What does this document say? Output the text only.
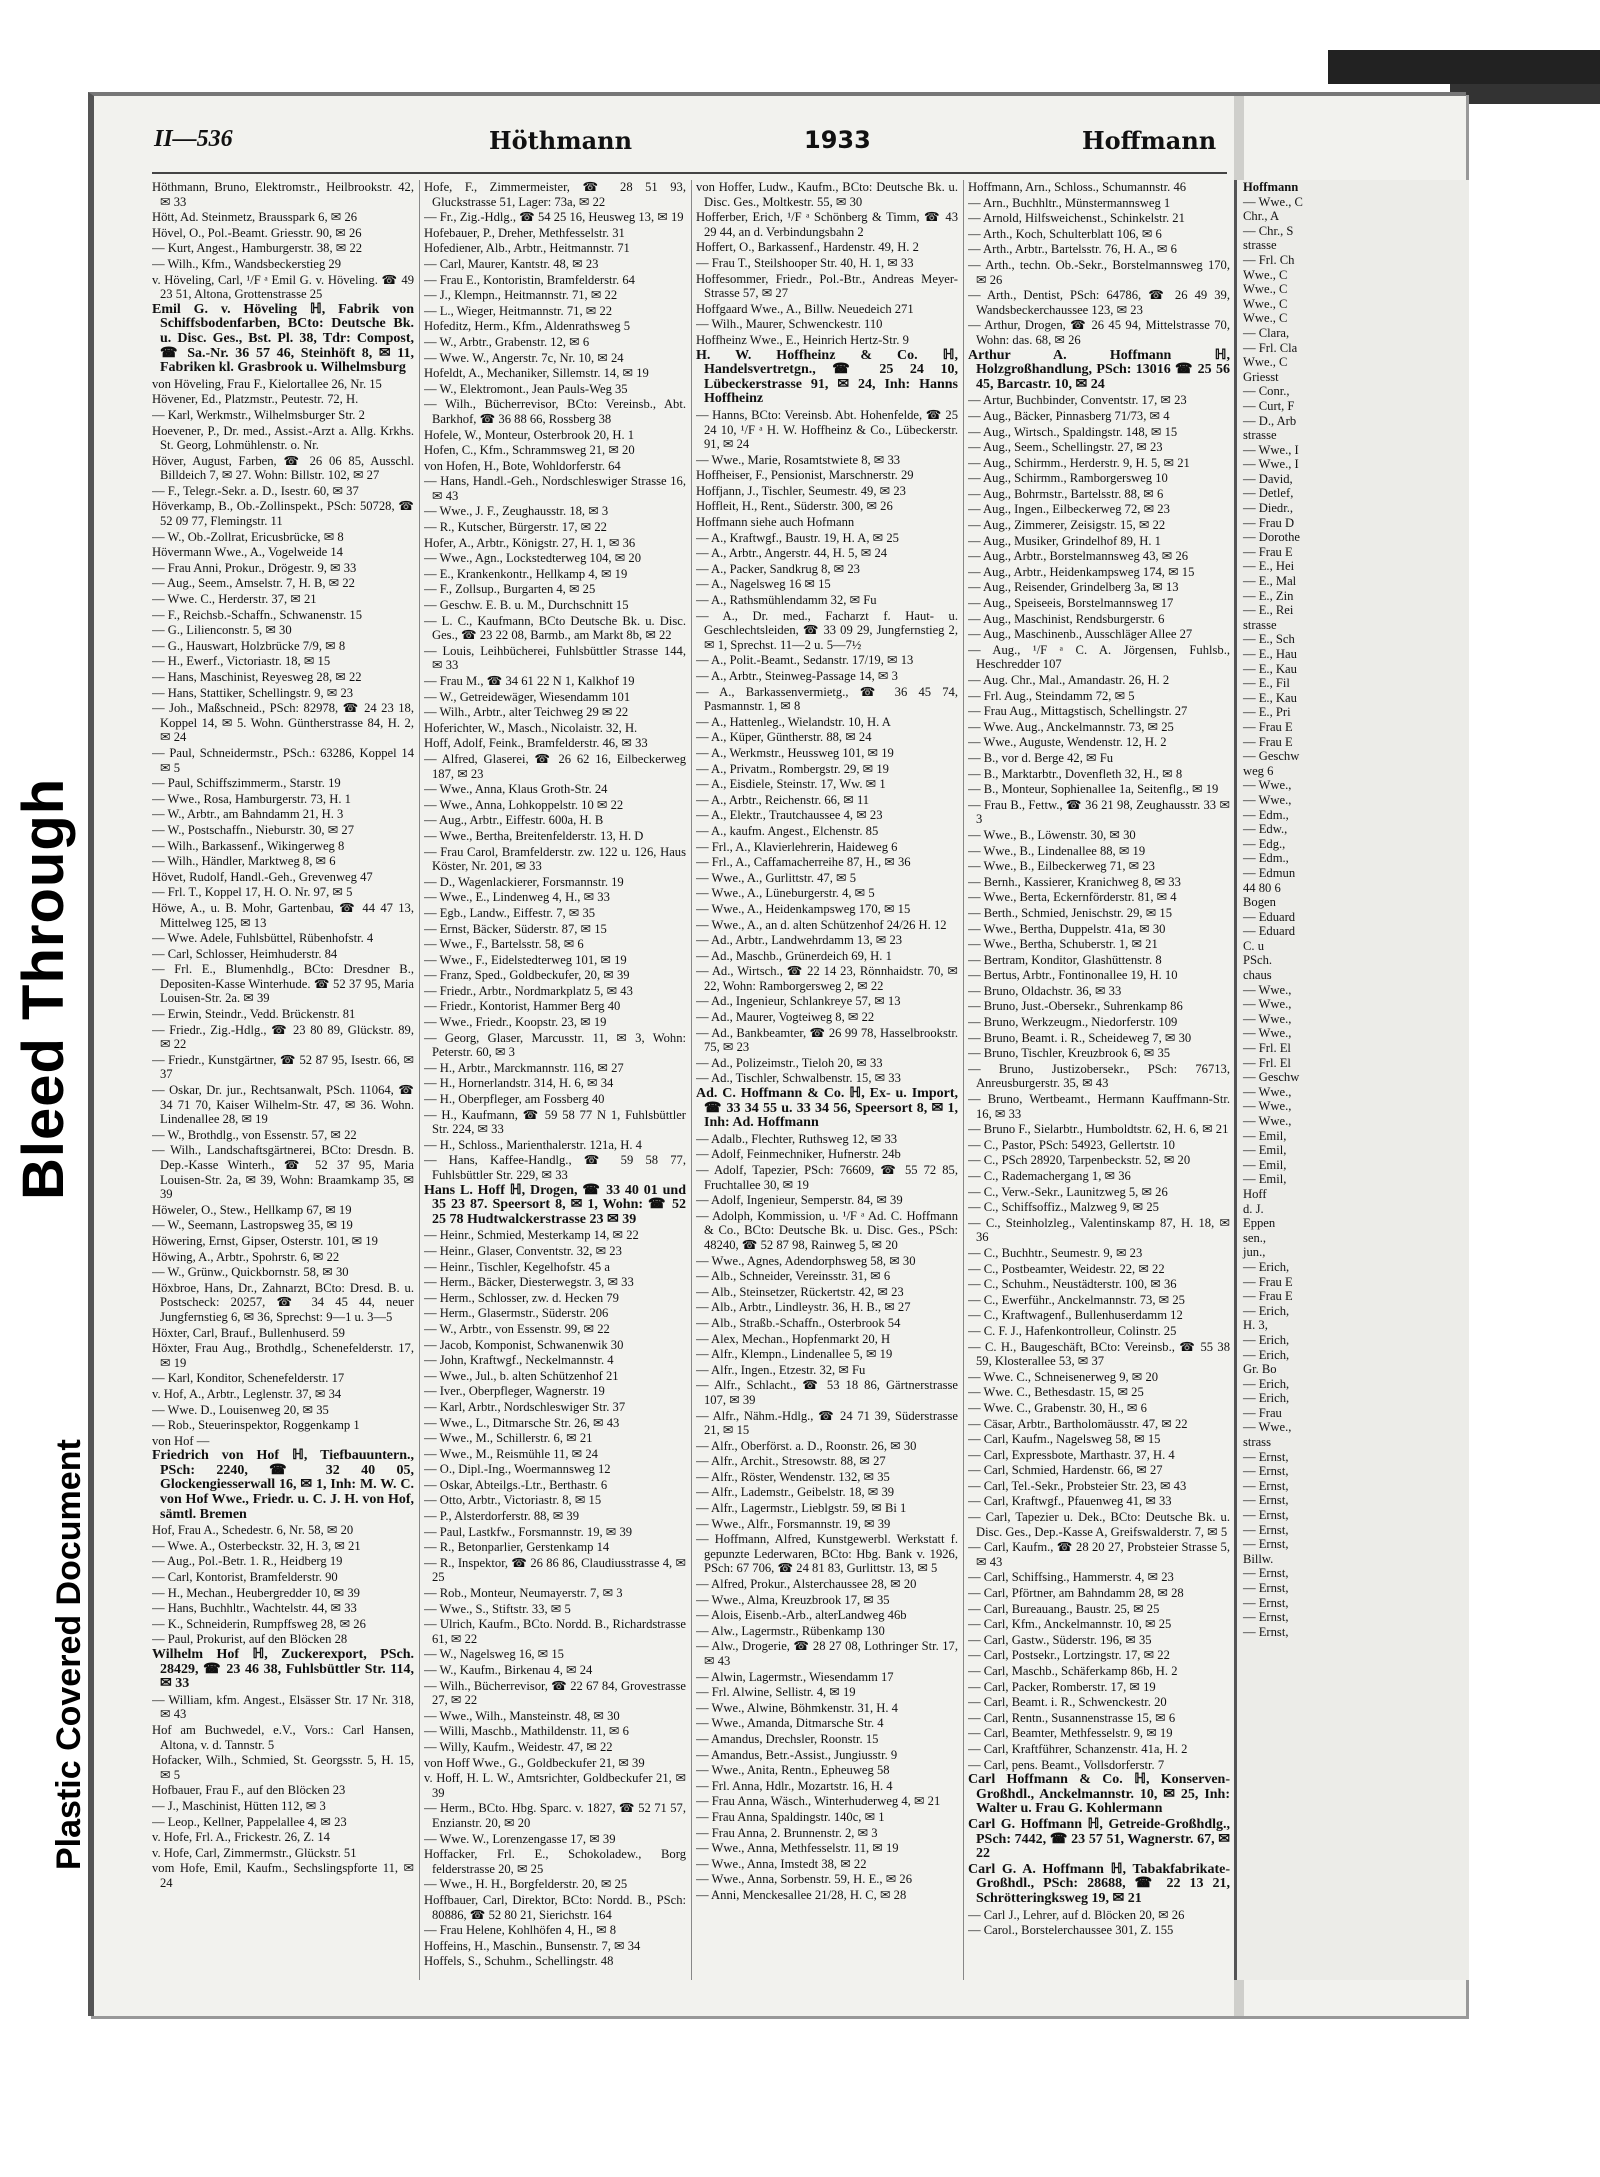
Bleed Through
Plastic Covered Document
II—536	Höthmann	1933	Hoffmann

Höthmann, Bruno, Elektromstr., Heilbrookstr. 42, ✉ 33

Hött, Ad. Steinmetz, Brausspark 6, ✉ 26

Hövel, O., Pol.-Beamt. Griesstr. 90, ✉ 26

— Kurt, Angest., Hamburgerstr. 38, ✉ 22

— Wilh., Kfm., Wandsbeckerstieg 29

v. Höveling, Carl, ¹/F ᵃ Emil G. v. Höveling. ☎ 49 23 51, Altona, Grottenstrasse 25

Emil G. v. Höveling ℍ, Fabrik von Schiffsbodenfarben, BCto: Deutsche Bk. u. Disc. Ges., Bst. Pl. 38, Tdr: Compost, ☎ Sa.-Nr. 36 57 46, Steinhöft 8, ✉ 11, Fabriken kl. Grasbrook u. Wilhelmsburg

von Höveling, Frau F., Kielortallee 26, Nr. 15

Hövener, Ed., Platzmstr., Peutestr. 72, H.

— Karl, Werkmstr., Wilhelmsburger Str. 2

Hoevener, P., Dr. med., Assist.-Arzt a. Allg. Krkhs. St. Georg, Lohmühlenstr. o. Nr.

Höver, August, Farben, ☎ 26 06 85, Ausschl. Billdeich 7, ✉ 27. Wohn: Billstr. 102, ✉ 27

— F., Telegr.-Sekr. a. D., Isestr. 60, ✉ 37

Höverkamp, B., Ob.-Zollinspekt., PSch: 50728, ☎ 52 09 77, Flemingstr. 11

— W., Ob.-Zollrat, Ericusbrücke, ✉ 8

Hövermann Wwe., A., Vogelweide 14

— Frau Anni, Prokur., Drögestr. 9, ✉ 33

— Aug., Seem., Amselstr. 7, H. B, ✉ 22

— Wwe. C., Herderstr. 37, ✉ 21

— F., Reichsb.-Schaffn., Schwanenstr. 15

— G., Lilienconstr. 5, ✉ 30

— G., Hauswart, Holzbrücke 7/9, ✉ 8

— H., Ewerf., Victoriastr. 18, ✉ 15

— Hans, Maschinist, Reyesweg 28, ✉ 22

— Hans, Stattiker, Schellingstr. 9, ✉ 23

— Joh., Maßschneid., PSch: 82978, ☎ 24 23 18, Koppel 14, ✉ 5. Wohn. Güntherstrasse 84, H. 2, ✉ 24

— Paul, Schneidermstr., PSch.: 63286, Koppel 14 ✉ 5

— Paul, Schiffszimmerm., Starstr. 19

— Wwe., Rosa, Hamburgerstr. 73, H. 1

— W., Arbtr., am Bahndamm 21, H. 3

— W., Postschaffn., Nieburstr. 30, ✉ 27

— Wilh., Barkassenf., Wikingerweg 8

— Wilh., Händler, Marktweg 8, ✉ 6

Hövet, Rudolf, Handl.-Geh., Grevenweg 47

— Frl. T., Koppel 17, H. O. Nr. 97, ✉ 5

Höwe, A., u. B. Mohr, Gartenbau, ☎ 44 47 13, Mittelweg 125, ✉ 13

— Wwe. Adele, Fuhlsbüttel, Rübenhofstr. 4

— Carl, Schlosser, Heimhuderstr. 84

— Frl. E., Blumenhdlg., BCto: Dresdner B., Depositen-Kasse Winterhude. ☎ 52 37 95, Maria Louisen-Str. 2a. ✉ 39

— Erwin, Steindr., Vedd. Brückenstr. 81

— Friedr., Zig.-Hdlg., ☎ 23 80 89, Glückstr. 89, ✉ 22

— Friedr., Kunstgärtner, ☎ 52 87 95, Isestr. 66, ✉ 37

— Oskar, Dr. jur., Rechtsanwalt, PSch. 11064, ☎ 34 71 70, Kaiser Wilhelm-Str. 47, ✉ 36. Wohn. Lindenallee 28, ✉ 19

— W., Brothdlg., von Essenstr. 57, ✉ 22

— Wilh., Landschaftsgärtnerei, BCto: Dresdn. B. Dep.-Kasse Winterh., ☎ 52 37 95, Maria Louisen-Str. 2a, ✉ 39, Wohn: Braamkamp 35, ✉ 39

Höweler, O., Stew., Hellkamp 67, ✉ 19

— W., Seemann, Lastropsweg 35, ✉ 19

Höwering, Ernst, Gipser, Osterstr. 101, ✉ 19

Höwing, A., Arbtr., Spohrstr. 6, ✉ 22

— W., Grünw., Quickbornstr. 58, ✉ 30

Höxbroe, Hans, Dr., Zahnarzt, BCto: Dresd. B. u. Postscheck: 20257, ☎ 34 45 44, neuer Jungfernstieg 6, ✉ 36, Sprechst: 9—1 u. 3—5

Höxter, Carl, Brauf., Bullenhuserd. 59

Höxter, Frau Aug., Brothdlg., Schenefelderstr. 17, ✉ 19

— Karl, Konditor, Schenefelderstr. 17

v. Hof, A., Arbtr., Leglenstr. 37, ✉ 34

— Wwe. D., Louisenweg 20, ✉ 35

— Rob., Steuerinspektor, Roggenkamp 1

von Hof —

Friedrich von Hof ℍ, Tiefbauuntern., PSch: 2240, ☎ 32 40 05, Glockengiesserwall 16, ✉ 1, Inh: M. W. C. von Hof Wwe., Friedr. u. C. J. H. von Hof, sämtl. Bremen

Hof, Frau A., Schedestr. 6, Nr. 58, ✉ 20

— Wwe. A., Osterbeckstr. 32, H. 3, ✉ 21

— Aug., Pol.-Betr. 1. R., Heidberg 19

— Carl, Kontorist, Bramfelderstr. 90

— H., Mechan., Heubergredder 10, ✉ 39

— Hans, Buchhltr., Wachtelstr. 44, ✉ 33

— K., Schneiderin, Rumpffsweg 28, ✉ 26

— Paul, Prokurist, auf den Blöcken 28

Wilhelm Hof ℍ, Zuckerexport, PSch. 28429, ☎ 23 46 38, Fuhlsbüttler Str. 114, ✉ 33

— William, kfm. Angest., Elsässer Str. 17 Nr. 318, ✉ 43

Hof am Buchwedel, e.V., Vors.: Carl Hansen, Altona, v. d. Tannstr. 5

Hofacker, Wilh., Schmied, St. Georgsstr. 5, H. 15, ✉ 5

Hofbauer, Frau F., auf den Blöcken 23

— J., Maschinist, Hütten 112, ✉ 3

— Leop., Kellner, Pappelallee 4, ✉ 23

v. Hofe, Frl. A., Frickestr. 26, Z. 14

v. Hofe, Carl, Zimmermstr., Glückstr. 51

vom Hofe, Emil, Kaufm., Sechslingspforte 11, ✉ 24

Hofe, F., Zimmermeister, ☎ 28 51 93, Gluckstrasse 51, Lager: 73a, ✉ 22

— Fr., Zig.-Hdlg., ☎ 54 25 16, Heusweg 13, ✉ 19

Hofebauer, P., Dreher, Methfesselstr. 31

Hofediener, Alb., Arbtr., Heitmannstr. 71

— Carl, Maurer, Kantstr. 48, ✉ 23

— Frau E., Kontoristin, Bramfelderstr. 64

— J., Klempn., Heitmannstr. 71, ✉ 22

— L., Wieger, Heitmannstr. 71, ✉ 22

Hofeditz, Herm., Kfm., Aldenrathsweg 5

— W., Arbtr., Grabenstr. 12, ✉ 6

— Wwe. W., Angerstr. 7c, Nr. 10, ✉ 24

Hofeldt, A., Mechaniker, Sillemstr. 14, ✉ 19

— W., Elektromont., Jean Pauls-Weg 35

— Wilh., Bücherrevisor, BCto: Vereinsb., Abt. Barkhof, ☎ 36 88 66, Rossberg 38

Hofele, W., Monteur, Osterbrook 20, H. 1

Hofen, C., Kfm., Schrammsweg 21, ✉ 20

von Hofen, H., Bote, Wohldorferstr. 64

— Hans, Handl.-Geh., Nordschleswiger Strasse 16, ✉ 43

— Wwe., J. F., Zeughausstr. 18, ✉ 3

— R., Kutscher, Bürgerstr. 17, ✉ 22

Hofer, A., Arbtr., Königstr. 27, H. 1, ✉ 36

— Wwe., Agn., Lockstedterweg 104, ✉ 20

— E., Krankenkontr., Hellkamp 4, ✉ 19

— F., Zollsup., Burgarten 4, ✉ 25

— Geschw. E. B. u. M., Durchschnitt 15

— L. C., Kaufmann, BCto Deutsche Bk. u. Disc. Ges., ☎ 23 22 08, Barmb., am Markt 8b, ✉ 22

— Louis, Leihbücherei, Fuhlsbüttler Strasse 144, ✉ 33

— Frau M., ☎ 34 61 22 N 1, Kalkhof 19

— W., Getreidewäger, Wiesendamm 101

— Wilh., Arbtr., alter Teichweg 29 ✉ 22

Hoferichter, W., Masch., Nicolaistr. 32, H.

Hoff, Adolf, Feink., Bramfelderstr. 46, ✉ 33

— Alfred, Glaserei, ☎ 26 62 16, Eilbeckerweg 187, ✉ 23

— Wwe., Anna, Klaus Groth-Str. 24

— Wwe., Anna, Lohkoppelstr. 10 ✉ 22

— Aug., Arbtr., Eiffestr. 600a, H. B

— Wwe., Bertha, Breitenfelderstr. 13, H. D

— Frau Carol, Bramfelderstr. zw. 122 u. 126, Haus Köster, Nr. 201, ✉ 33

— D., Wagenlackierer, Forsmannstr. 19

— Wwe., E., Lindenweg 4, H., ✉ 33

— Egb., Landw., Eiffestr. 7, ✉ 35

— Ernst, Bäcker, Süderstr. 87, ✉ 15

— Wwe., F., Bartelsstr. 58, ✉ 6

— Wwe., F., Eidelstedterweg 101, ✉ 19

— Franz, Sped., Goldbeckufer, 20, ✉ 39

— Friedr., Arbtr., Nordmarkplatz 5, ✉ 43

— Friedr., Kontorist, Hammer Berg 40

— Wwe., Friedr., Koopstr. 23, ✉ 19

— Georg, Glaser, Marcusstr. 11, ✉ 3, Wohn: Peterstr. 60, ✉ 3

— H., Arbtr., Marckmannstr. 116, ✉ 27

— H., Hornerlandstr. 314, H. 6, ✉ 34

— H., Oberpfleger, am Fossberg 40

— H., Kaufmann, ☎ 59 58 77 N 1, Fuhlsbüttler Str. 224, ✉ 33

— H., Schloss., Marienthalerstr. 121a, H. 4

— Hans, Kaffee-Handlg., ☎ 59 58 77, Fuhlsbüttler Str. 229, ✉ 33

Hans L. Hoff ℍ, Drogen, ☎ 33 40 01 und 35 23 87. Speersort 8, ✉ 1, Wohn: ☎ 52 25 78 Hudtwalckerstrasse 23 ✉ 39

— Heinr., Schmied, Mesterkamp 14, ✉ 22

— Heinr., Glaser, Conventstr. 32, ✉ 23

— Heinr., Tischler, Kegelhofstr. 45 a

— Herm., Bäcker, Diesterwegstr. 3, ✉ 33

— Herm., Schlosser, zw. d. Hecken 79

— Herm., Glasermstr., Süderstr. 206

— W., Arbtr., von Essenstr. 99, ✉ 22

— Jacob, Komponist, Schwanenwik 30

— John, Kraftwgf., Neckelmannstr. 4

— Wwe., Jul., b. alten Schützenhof 21

— Iver., Oberpfleger, Wagnerstr. 19

— Karl, Arbtr., Nordschleswiger Str. 37

— Wwe., L., Ditmarsche Str. 26, ✉ 43

— Wwe., M., Schillerstr. 6, ✉ 21

— Wwe., M., Reismühle 11, ✉ 24

— O., Dipl.-Ing., Woermannsweg 12

— Oskar, Abteilgs.-Ltr., Berthastr. 6

— Otto, Arbtr., Victoriastr. 8, ✉ 15

— P., Alsterdorferstr. 88, ✉ 39

— Paul, Lastkfw., Forsmannstr. 19, ✉ 39

— R., Betonparlier, Gerstenkamp 14

— R., Inspektor, ☎ 26 86 86, Claudiusstrasse 4, ✉ 25

— Rob., Monteur, Neumayerstr. 7, ✉ 3

— Wwe., S., Stiftstr. 33, ✉ 5

— Ulrich, Kaufm., BCto. Nordd. B., Richardstrasse 61, ✉ 22

— W., Nagelsweg 16, ✉ 15

— W., Kaufm., Birkenau 4, ✉ 24

— Wilh., Bücherrevisor, ☎ 22 67 84, Grovestrasse 27, ✉ 22

— Wwe., Wilh., Mansteinstr. 48, ✉ 30

— Willi, Maschb., Mathildenstr. 11, ✉ 6

— Willy, Kaufm., Weidestr. 47, ✉ 22

von Hoff Wwe., G., Goldbeckufer 21, ✉ 39

v. Hoff, H. L. W., Amtsrichter, Goldbeckufer 21, ✉ 39

— Herm., BCto. Hbg. Sparc. v. 1827, ☎ 52 71 57, Enzianstr. 20, ✉ 20

— Wwe. W., Lorenzengasse 17, ✉ 39

Hoffacker, Frl. E., Schokoladew., Borg felderstrasse 20, ✉ 25

— Wwe., H. H., Borgfelderstr. 20, ✉ 25

Hoffbauer, Carl, Direktor, BCto: Nordd. B., PSch: 80886, ☎ 52 80 21, Sierichstr. 164

— Frau Helene, Kohlhöfen 4, H., ✉ 8

Hoffeins, H., Maschin., Bunsenstr. 7, ✉ 34

Hoffels, S., Schuhm., Schellingstr. 48

von Hoffer, Ludw., Kaufm., BCto: Deutsche Bk. u. Disc. Ges., Moltkestr. 55, ✉ 30

Hofferber, Erich, ¹/F ᵃ Schönberg & Timm, ☎ 43 29 44, an d. Verbindungsbahn 2

Hoffert, O., Barkassenf., Hardenstr. 49, H. 2

— Frau T., Steilshooper Str. 40, H. 1, ✉ 33

Hoffesommer, Friedr., Pol.-Btr., Andreas Meyer-Strasse 57, ✉ 27

Hoffgaard Wwe., A., Billw. Neuedeich 271

— Wilh., Maurer, Schwenckestr. 110

Hoffheinz Wwe., E., Heinrich Hertz-Str. 9

H. W. Hoffheinz & Co. ℍ, Handelsvertretgn., ☎ 25 24 10, Lübeckerstrasse 91, ✉ 24, Inh: Hanns Hoffheinz

— Hanns, BCto: Vereinsb. Abt. Hohenfelde, ☎ 25 24 10, ¹/F ᵃ H. W. Hoffheinz & Co., Lübeckerstr. 91, ✉ 24

— Wwe., Marie, Rosamtstwiete 8, ✉ 33

Hoffheiser, F., Pensionist, Marschnerstr. 29

Hoffjann, J., Tischler, Seumestr. 49, ✉ 23

Hoffleit, H., Rent., Süderstr. 300, ✉ 26

Hoffmann siehe auch Hofmann

— A., Kraftwgf., Baustr. 19, H. A, ✉ 25

— A., Arbtr., Angerstr. 44, H. 5, ✉ 24

— A., Packer, Sandkrug 8, ✉ 23

— A., Nagelsweg 16 ✉ 15

— A., Rathsmühlendamm 32, ✉ Fu

— A., Dr. med., Facharzt f. Haut- u. Geschlechtsleiden, ☎ 33 09 29, Jungfernstieg 2, ✉ 1, Sprechst. 11—2 u. 5—7½

— A., Polit.-Beamt., Sedanstr. 17/19, ✉ 13

— A., Arbtr., Steinweg-Passage 14, ✉ 3

— A., Barkassenvermietg., ☎ 36 45 74, Pasmannstr. 1, ✉ 8

— A., Hattenleg., Wielandstr. 10, H. A

— A., Küper, Güntherstr. 88, ✉ 24

— A., Werkmstr., Heussweg 101, ✉ 19

— A., Privatm., Rombergstr. 29, ✉ 19

— A., Eisdiele, Steinstr. 17, Ww. ✉ 1

— A., Arbtr., Reichenstr. 66, ✉ 11

— A., Elektr., Trautchaussee 4, ✉ 23

— A., kaufm. Angest., Elchenstr. 85

— Frl., A., Klavierlehrerin, Haideweg 6

— Frl., A., Caffamacherreihe 87, H., ✉ 36

— Wwe., A., Gurlittstr. 47, ✉ 5

— Wwe., A., Lüneburgerstr. 4, ✉ 5

— Wwe., A., Heidenkampsweg 170, ✉ 15

— Wwe., A., an d. alten Schützenhof 24/26 H. 12

— Ad., Arbtr., Landwehrdamm 13, ✉ 23

— Ad., Maschb., Grünerdeich 69, H. 1

— Ad., Wirtsch., ☎ 22 14 23, Rönnhaidstr. 70, ✉ 22, Wohn: Ramborgersweg 2, ✉ 22

— Ad., Ingenieur, Schlankreye 57, ✉ 13

— Ad., Maurer, Vogteiweg 8, ✉ 22

— Ad., Bankbeamter, ☎ 26 99 78, Hasselbrookstr. 75, ✉ 23

— Ad., Polizeimstr., Tieloh 20, ✉ 33

— Ad., Tischler, Schwalbenstr. 15, ✉ 33

Ad. C. Hoffmann & Co. ℍ, Ex- u. Import, ☎ 33 34 55 u. 33 34 56, Speersort 8, ✉ 1, Inh: Ad. Hoffmann

— Adalb., Flechter, Ruthsweg 12, ✉ 33

— Adolf, Feinmechniker, Hufnerstr. 24b

— Adolf, Tapezier, PSch: 76609, ☎ 55 72 85, Fruchtallee 30, ✉ 19

— Adolf, Ingenieur, Semperstr. 84, ✉ 39

— Adolph, Kommission, u. ¹/F ᵃ Ad. C. Hoffmann & Co., BCto: Deutsche Bk. u. Disc. Ges., PSch: 48240, ☎ 52 87 98, Rainweg 5, ✉ 20

— Wwe., Agnes, Adendorphsweg 58, ✉ 30

— Alb., Schneider, Vereinsstr. 31, ✉ 6

— Alb., Steinsetzer, Rückertstr. 42, ✉ 23

— Alb., Arbtr., Lindleystr. 36, H. B., ✉ 27

— Alb., Straßb.-Schaffn., Osterbrook 54

— Alex, Mechan., Hopfenmarkt 20, H

— Alfr., Klempn., Lindenallee 5, ✉ 19

— Alfr., Ingen., Etzestr. 32, ✉ Fu

— Alfr., Schlacht., ☎ 53 18 86, Gärtnerstrasse 107, ✉ 39

— Alfr., Nähm.-Hdlg., ☎ 24 71 39, Süderstrasse 21, ✉ 15

— Alfr., Oberförst. a. D., Roonstr. 26, ✉ 30

— Alfr., Archit., Stresowstr. 88, ✉ 27

— Alfr., Röster, Wendenstr. 132, ✉ 35

— Alfr., Lademstr., Geibelstr. 18, ✉ 39

— Alfr., Lagermstr., Lieblgstr. 59, ✉ Bi 1

— Wwe., Alfr., Forsmannstr. 19, ✉ 39

— Hoffmann, Alfred, Kunstgewerbl. Werkstatt f. gepunzte Lederwaren, BCto: Hbg. Bank v. 1926, PSch: 67 706, ☎ 24 81 83, Gurlittstr. 13, ✉ 5

— Alfred, Prokur., Alsterchaussee 28, ✉ 20

— Wwe., Alma, Kreuzbrook 17, ✉ 35

— Alois, Eisenb.-Arb., alterLandweg 46b

— Alw., Lagermstr., Rübenkamp 130

— Alw., Drogerie, ☎ 28 27 08, Lothringer Str. 17, ✉ 43

— Alwin, Lagermstr., Wiesendamm 17

— Frl. Alwine, Sellistr. 4, ✉ 19

— Wwe., Alwine, Böhmkenstr. 31, H. 4

— Wwe., Amanda, Ditmarsche Str. 4

— Amandus, Drechsler, Roonstr. 15

— Amandus, Betr.-Assist., Jungiusstr. 9

— Wwe., Anita, Rentn., Epheuweg 58

— Frl. Anna, Hdlr., Mozartstr. 16, H. 4

— Frau Anna, Wäsch., Winterhuderweg 4, ✉ 21

— Frau Anna, Spaldingstr. 140c, ✉ 1

— Frau Anna, 2. Brunnenstr. 2, ✉ 3

— Wwe., Anna, Methfesselstr. 11, ✉ 19

— Wwe., Anna, Imstedt 38, ✉ 22

— Wwe., Anna, Sorbenstr. 59, H. E., ✉ 26

— Anni, Menckesallee 21/28, H. C, ✉ 28

Hoffmann, Arn., Schloss., Schumannstr. 46

— Arn., Buchhltr., Münstermannsweg 1

— Arnold, Hilfsweichenst., Schinkelstr. 21

— Arth., Koch, Schulterblatt 106, ✉ 6

— Arth., Arbtr., Bartelsstr. 76, H. A., ✉ 6

— Arth., techn. Ob.-Sekr., Borstelmannsweg 170, ✉ 26

— Arth., Dentist, PSch: 64786, ☎ 26 49 39, Wandsbeckerchaussee 123, ✉ 23

— Arthur, Drogen, ☎ 26 45 94, Mittelstrasse 70, Wohn: das. 68, ✉ 26

Arthur A. Hoffmann ℍ, Holzgroßhandlung, PSch: 13016 ☎ 25 56 45, Barcastr. 10, ✉ 24

— Artur, Buchbinder, Conventstr. 17, ✉ 23

— Aug., Bäcker, Pinnasberg 71/73, ✉ 4

— Aug., Wirtsch., Spaldingstr. 148, ✉ 15

— Aug., Seem., Schellingstr. 27, ✉ 23

— Aug., Schirmm., Herderstr. 9, H. 5, ✉ 21

— Aug., Schirmm., Ramborgersweg 10

— Aug., Bohrmstr., Bartelsstr. 88, ✉ 6

— Aug., Ingen., Eilbeckerweg 72, ✉ 23

— Aug., Zimmerer, Zeisigstr. 15, ✉ 22

— Aug., Musiker, Grindelhof 89, H. 1

— Aug., Arbtr., Borstelmannsweg 43, ✉ 26

— Aug., Arbtr., Heidenkampsweg 174, ✉ 15

— Aug., Reisender, Grindelberg 3a, ✉ 13

— Aug., Speiseeis, Borstelmannsweg 17

— Aug., Maschinist, Rendsburgerstr. 6

— Aug., Maschinenb., Ausschläger Allee 27

— Aug., ¹/F ᵃ C. A. Jörgensen, Fuhlsb., Heschredder 107

— Aug. Chr., Mal., Amandastr. 26, H. 2

— Frl. Aug., Steindamm 72, ✉ 5

— Frau Aug., Mittagstisch, Schellingstr. 27

— Wwe. Aug., Anckelmannstr. 73, ✉ 25

— Wwe., Auguste, Wendenstr. 12, H. 2

— B., vor d. Berge 42, ✉ Fu

— B., Marktarbtr., Dovenfleth 32, H., ✉ 8

— B., Monteur, Sophienallee 1a, Seitenflg., ✉ 19

— Frau B., Fettw., ☎ 36 21 98, Zeughausstr. 33 ✉ 3

— Wwe., B., Löwenstr. 30, ✉ 30

— Wwe., B., Lindenallee 88, ✉ 19

— Wwe., B., Eilbeckerweg 71, ✉ 23

— Bernh., Kassierer, Kranichweg 8, ✉ 33

— Wwe., Berta, Eckernförderstr. 81, ✉ 4

— Berth., Schmied, Jenischstr. 29, ✉ 15

— Wwe., Bertha, Duppelstr. 41a, ✉ 30

— Wwe., Bertha, Schuberstr. 1, ✉ 21

— Bertram, Konditor, Glashüttenstr. 8

— Bertus, Arbtr., Fontinonallee 19, H. 10

— Bruno, Oldachstr. 36, ✉ 33

— Bruno, Just.-Obersekr., Suhrenkamp 86

— Bruno, Werkzeugm., Niedorferstr. 109

— Bruno, Beamt. i. R., Scheideweg 7, ✉ 30

— Bruno, Tischler, Kreuzbrook 6, ✉ 35

— Bruno, Justizobersekr., PSch: 76713, Anreusburgerstr. 35, ✉ 43

— Bruno, Wertbeamt., Hermann Kauffmann-Str. 16, ✉ 33

— Bruno F., Sielarbtr., Humboldtstr. 62, H. 6, ✉ 21

— C., Pastor, PSch: 54923, Gellertstr. 10

— C., PSch 28920, Tarpenbeckstr. 52, ✉ 20

— C., Rademachergang 1, ✉ 36

— C., Verw.-Sekr., Launitzweg 5, ✉ 26

— C., Schiffsoffiz., Malzweg 9, ✉ 25

— C., Steinholzleg., Valentinskamp 87, H. 18, ✉ 36

— C., Buchhtr., Seumestr. 9, ✉ 23

— C., Postbeamter, Weidestr. 22, ✉ 22

— C., Schuhm., Neustädterstr. 100, ✉ 36

— C., Ewerführ., Anckelmannstr. 73, ✉ 25

— C., Kraftwagenf., Bullenhuserdamm 12

— C. F. J., Hafenkontrolleur, Colinstr. 25

— C. H., Baugeschäft, BCto: Vereinsb., ☎ 55 38 59, Klosterallee 53, ✉ 37

— Wwe. C., Schneisenerweg 9, ✉ 20

— Wwe. C., Bethesdastr. 15, ✉ 25

— Wwe. C., Grabenstr. 30, H., ✉ 6

— Cäsar, Arbtr., Bartholomäusstr. 47, ✉ 22

— Carl, Kaufm., Nagelsweg 58, ✉ 15

— Carl, Expressbote, Marthastr. 37, H. 4

— Carl, Schmied, Hardenstr. 66, ✉ 27

— Carl, Tel.-Sekr., Probsteier Str. 23, ✉ 43

— Carl, Kraftwgf., Pfauenweg 41, ✉ 33

— Carl, Tapezier u. Dek., BCto: Deutsche Bk. u. Disc. Ges., Dep.-Kasse A, Greifswalderstr. 7, ✉ 5

— Carl, Kaufm., ☎ 28 20 27, Probsteier Strasse 5, ✉ 43

— Carl, Schiffsing., Hammerstr. 4, ✉ 23

— Carl, Pförtner, am Bahndamm 28, ✉ 28

— Carl, Bureauang., Baustr. 25, ✉ 25

— Carl, Kfm., Anckelmannstr. 10, ✉ 25

— Carl, Gastw., Süderstr. 196, ✉ 35

— Carl, Postsekr., Lortzingstr. 17, ✉ 22

— Carl, Maschb., Schäferkamp 86b, H. 2

— Carl, Packer, Romberstr. 17, ✉ 19

— Carl, Beamt. i. R., Schwenckestr. 20

— Carl, Rentn., Susannenstrasse 15, ✉ 6

— Carl, Beamter, Methfesselstr. 9, ✉ 19

— Carl, Kraftführer, Schanzenstr. 41a, H. 2

— Carl, pens. Beamt., Vollsdorferstr. 7

Carl Hoffmann & Co. ℍ, Konserven-Großhdl., Anckelmannstr. 10, ✉ 25, Inh: Walter u. Frau G. Kohlermann

Carl G. Hoffmann ℍ, Getreide-Großhdlg., PSch: 7442, ☎ 23 57 51, Wagnerstr. 67, ✉ 22

Carl G. A. Hoffmann ℍ, Tabakfabrikate-Großhdl., PSch: 28688, ☎ 22 13 21, Schrötteringksweg 19, ✉ 21

— Carl J., Lehrer, auf d. Blöcken 20, ✉ 26

— Carol., Borstelerchaussee 301, Z. 155

Hoffmann
— Wwe., C
Chr., A
— Chr., S
strasse
— Frl. Ch
Wwe., C
Wwe., C
Wwe., C
Wwe., C
— Clara,
— Frl. Cla
Wwe., C
Griesst
— Conr.,
— Curt, F
— D., Arb
strasse
— Wwe., I
— Wwe., I
— David,
— Detlef,
— Diedr.,
— Frau D
— Dorothe
— Frau E
— E., Hei
— E., Mal
— E., Zin
— E., Rei
strasse
— E., Sch
— E., Hau
— E., Kau
— E., Fil
— E., Kau
— E., Pri
— Frau E
— Frau E
— Geschw
weg 6
— Wwe.,
— Wwe.,
— Edm.,
— Edw.,
— Edg.,
— Edm.,
— Edmun
44 80 6
Bogen
— Eduard
— Eduard
C. u
PSch.
chaus
— Wwe.,
— Wwe.,
— Wwe.,
— Wwe.,
— Frl. El
— Frl. El
— Geschw
— Wwe.,
— Wwe.,
— Wwe.,
— Emil,
— Emil,
— Emil,
— Emil,
Hoff
d. J.
Eppen
sen.,
jun.,
— Erich,
— Frau E
— Frau E
— Erich,
H. 3,
— Erich,
— Erich,
Gr. Bo
— Erich,
— Erich,
— Frau
— Wwe.,
strass
— Ernst,
— Ernst,
— Ernst,
— Ernst,
— Ernst,
— Ernst,
— Ernst,
Billw.
— Ernst,
— Ernst,
— Ernst,
— Ernst,
— Ernst,
